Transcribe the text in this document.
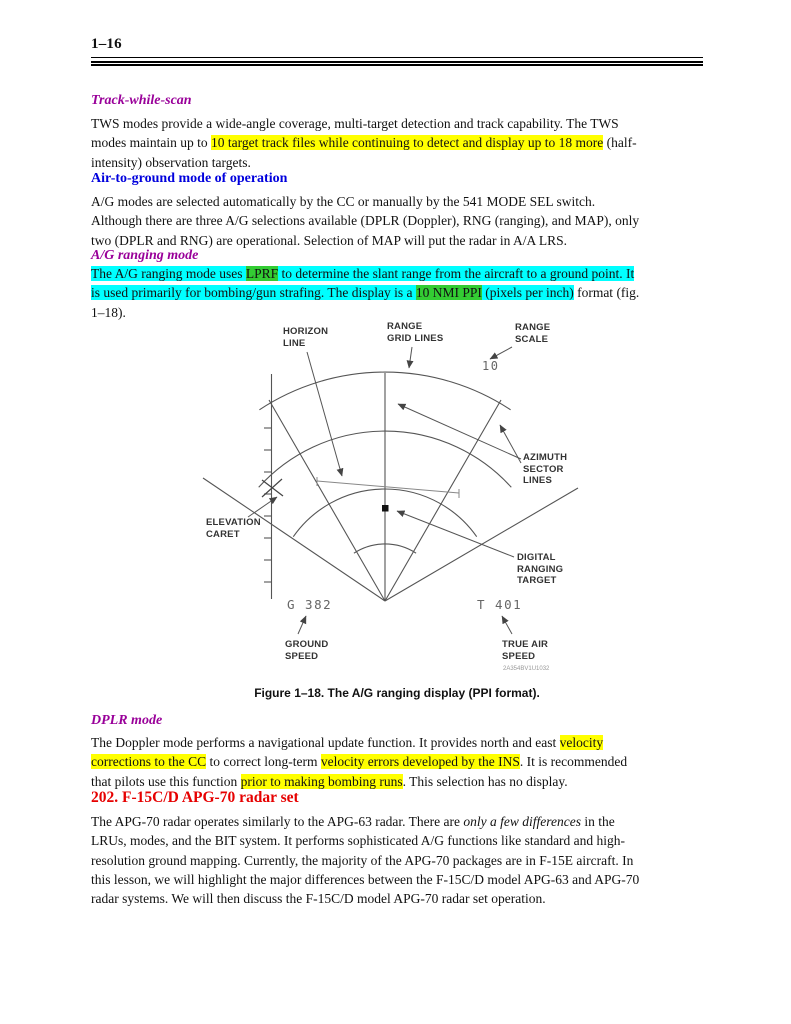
1–16
Track-while-scan
TWS modes provide a wide-angle coverage, multi-target detection and track capability. The TWS
modes maintain up to 10 target track files while continuing to detect and display up to 18 more (half-
intensity) observation targets.
Air-to-ground mode of operation
A/G modes are selected automatically by the CC or manually by the 541 MODE SEL switch.
Although there are three A/G selections available (DPLR (Doppler), RNG (ranging), and MAP), only
two (DPLR and RNG) are operational. Selection of MAP will put the radar in A/A LRS.
A/G ranging mode
The A/G ranging mode uses LPRF to determine the slant range from the aircraft to a ground point. It
is used primarily for bombing/gun strafing. The display is a 10 NMI PPI (pixels per inch) format (fig.
1–18).
HORIZON
LINE
RANGE
GRID LINES
RANGE
SCALE
10
AZIMUTH
SECTOR
LINES
ELEVATION
CARET
DIGITAL
RANGING
TARGET
G 382	T 401
GROUND
SPEED
TRUE AIR
SPEED
2A354BV1U1032
Figure 1–18. The A/G ranging display (PPI format).
DPLR mode
The Doppler mode performs a navigational update function. It provides north and east velocity
corrections to the CC to correct long-term velocity errors developed by the INS. It is recommended
that pilots use this function prior to making bombing runs. This selection has no display.
202. F-15C/D APG-70 radar set
The APG-70 radar operates similarly to the APG-63 radar. There are only a few differences in the
LRUs, modes, and the BIT system. It performs sophisticated A/G functions like standard and high-
resolution ground mapping. Currently, the majority of the APG-70 packages are in F-15E aircraft. In
this lesson, we will highlight the major differences between the F-15C/D model APG-63 and APG-70
radar systems. We will then discuss the F-15C/D model APG-70 radar set operation.
